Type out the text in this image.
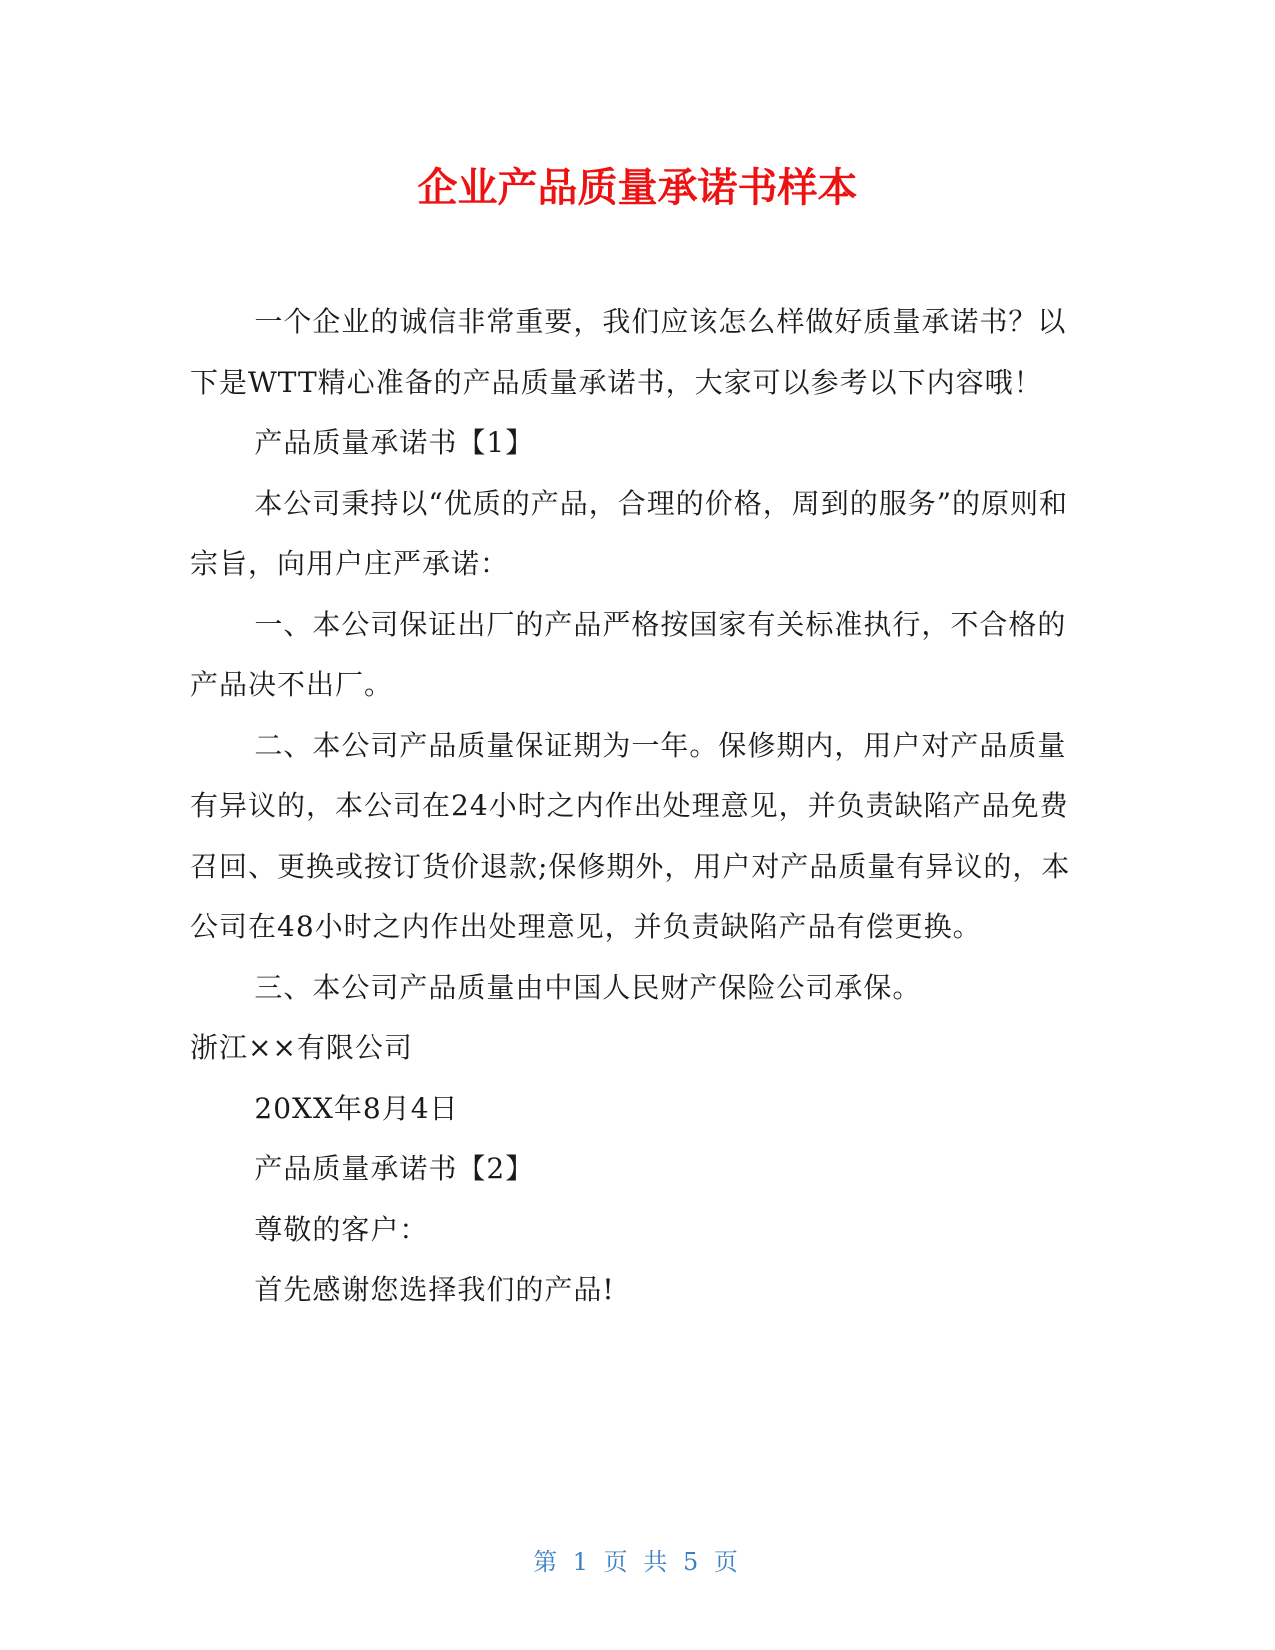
企业产品质量承诺书样本

一个企业的诚信非常重要，我们应该怎么样做好质量承诺书？以下是WTT精心准备的产品质量承诺书，大家可以参考以下内容哦！

产品质量承诺书【1】

本公司秉持以“优质的产品，合理的价格，周到的服务”的原则和宗旨，向用户庄严承诺：

一、本公司保证出厂的产品严格按国家有关标准执行，不合格的产品决不出厂。

二、本公司产品质量保证期为一年。保修期内，用户对产品质量有异议的，本公司在24小时之内作出处理意见，并负责缺陷产品免费召回、更换或按订货价退款;保修期外，用户对产品质量有异议的，本公司在48小时之内作出处理意见，并负责缺陷产品有偿更换。

三、本公司产品质量由中国人民财产保险公司承保。

浙江××有限公司

20XX年8月4日

产品质量承诺书【2】

尊敬的客户：

首先感谢您选择我们的产品!

第 1 页 共 5 页
